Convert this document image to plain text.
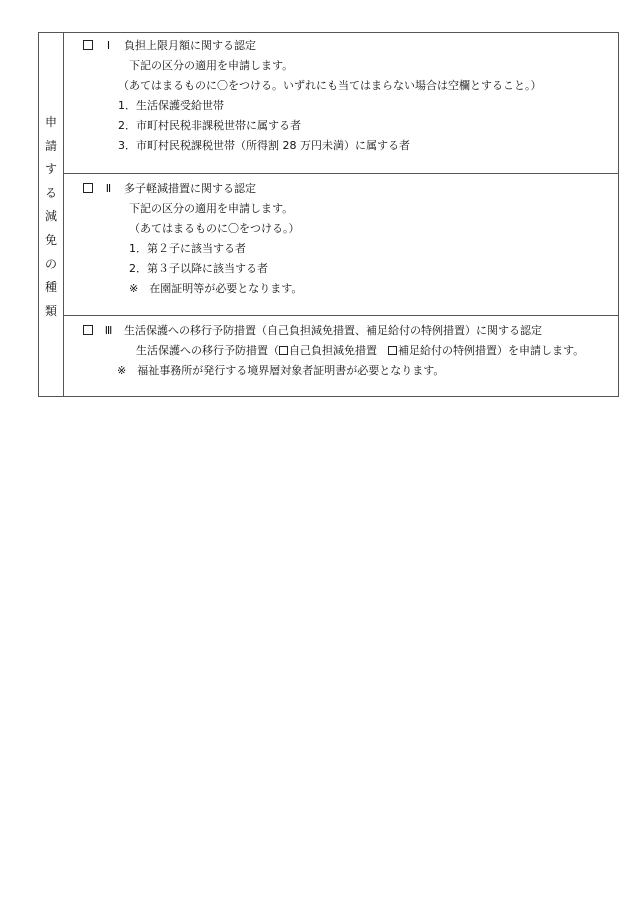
申
請
す
る
減
免
の
種
類
Ⅰ 負担上限月額に関する認定
下記の区分の適用を申請します。
（あてはまるものに〇をつける。いずれにも当てはまらない場合は空欄とすること。）
1．生活保護受給世帯
2．市町村民税非課税世帯に属する者
3．市町村民税課税世帯（所得割 28 万円未満）に属する者
Ⅱ 多子軽減措置に関する認定
下記の区分の適用を申請します。
（あてはまるものに〇をつける。）
1．第２子に該当する者
2．第３子以降に該当する者
※　在園証明等が必要となります。
Ⅲ 生活保護への移行予防措置（自己負担減免措置、補足給付の特例措置）に関する認定
生活保護への移行予防措置（ 自己負担減免措置　 補足給付の特例措置）を申請します。
※　福祉事務所が発行する境界層対象者証明書が必要となります。
